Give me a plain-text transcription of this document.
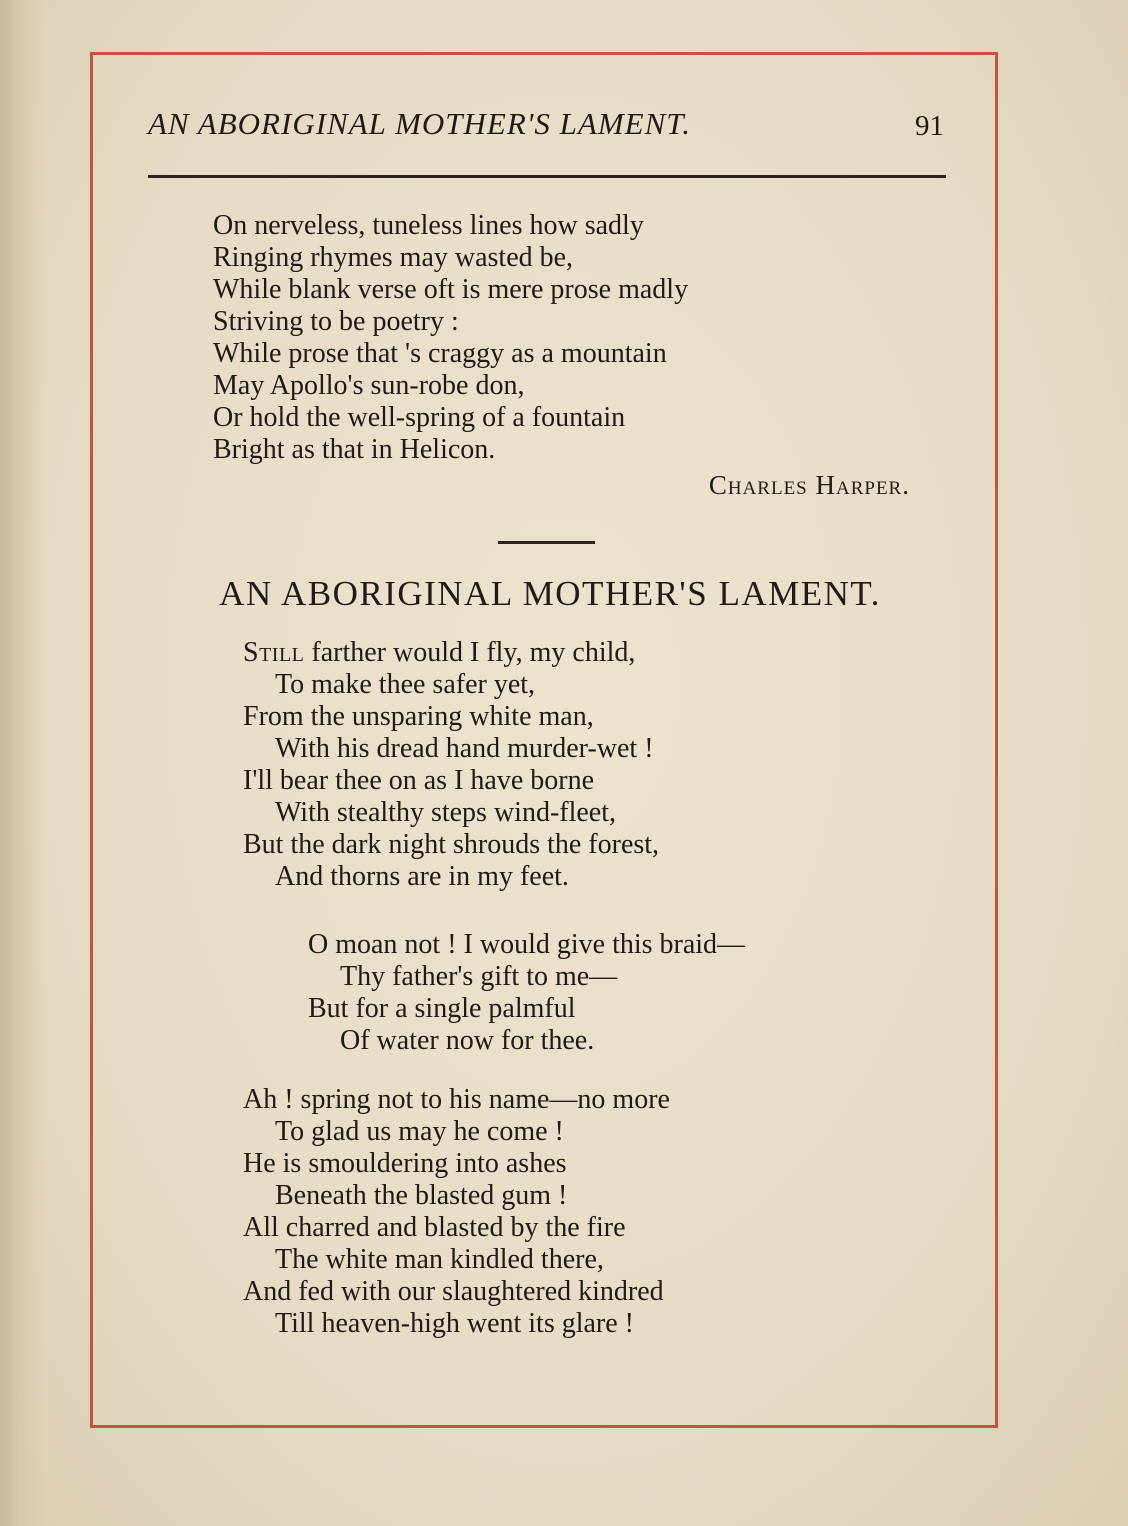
AN ABORIGINAL MOTHER'S LAMENT.	91
On nerveless, tuneless lines how sadly
Ringing rhymes may wasted be,
While blank verse oft is mere prose madly
Striving to be poetry :
While prose that 's craggy as a mountain
May Apollo's sun-robe don,
Or hold the well-spring of a fountain
Bright as that in Helicon.
Charles Harper.
AN ABORIGINAL MOTHER'S LAMENT.
Still farther would I fly, my child,
To make thee safer yet,
From the unsparing white man,
With his dread hand murder-wet !
I'll bear thee on as I have borne
With stealthy steps wind-fleet,
But the dark night shrouds the forest,
And thorns are in my feet.
O moan not ! I would give this braid—
Thy father's gift to me—
But for a single palmful
Of water now for thee.
Ah ! spring not to his name—no more
To glad us may he come !
He is smouldering into ashes
Beneath the blasted gum !
All charred and blasted by the fire
The white man kindled there,
And fed with our slaughtered kindred
Till heaven-high went its glare !
